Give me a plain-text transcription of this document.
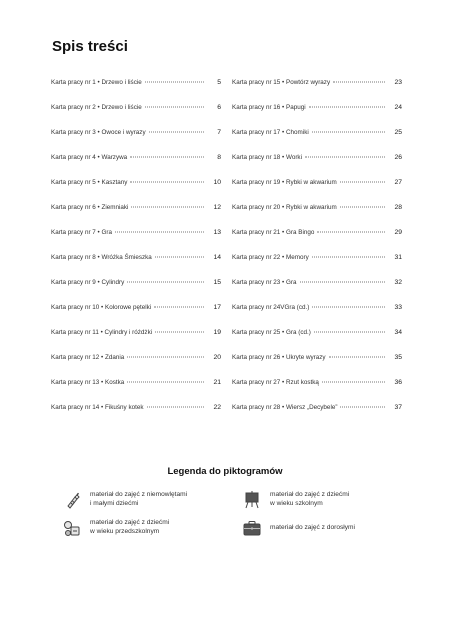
Spis treści
Karta pracy nr 1 • Drzewo i liście	5
Karta pracy nr 2 • Drzewo i liście	6
Karta pracy nr 3 • Owoce i wyrazy	7
Karta pracy nr 4 • Warzywa	8
Karta pracy nr 5 • Kasztany	10
Karta pracy nr 6 • Ziemniaki	12
Karta pracy nr 7 • Gra	13
Karta pracy nr 8 • Wróżka Śmieszka	14
Karta pracy nr 9 • Cylindry	15
Karta pracy nr 10 • Kolorowe pętelki	17
Karta pracy nr 11 • Cylindry i różdżki	19
Karta pracy nr 12 • Zdania	20
Karta pracy nr 13 • Kostka	21
Karta pracy nr 14 • Fikuśny kotek	22
Karta pracy nr 15 • Powtórz wyrazy	23
Karta pracy nr 16 • Papugi	24
Karta pracy nr 17 • Chomiki	25
Karta pracy nr 18 • Worki	26
Karta pracy nr 19 • Rybki w akwarium	27
Karta pracy nr 20 • Rybki w akwarium	28
Karta pracy nr 21 • Gra Bingo	29
Karta pracy nr 22 • Memory	31
Karta pracy nr 23 • Gra	32
Karta pracy nr 24VGra (cd.)	33
Karta pracy nr 25 • Gra (cd.)	34
Karta pracy nr 26 • Ukryte wyrazy	35
Karta pracy nr 27 • Rzut kostką	36
Karta pracy nr 28 • Wiersz „Decybele”	37
Legenda do piktogramów
materiał do zajęć z niemowlętami
i małymi dziećmi
materiał do zajęć z dziećmi
w wieku szkolnym
materiał do zajęć z dziećmi
w wieku przedszkolnym
materiał do zajęć z dorosłymi
